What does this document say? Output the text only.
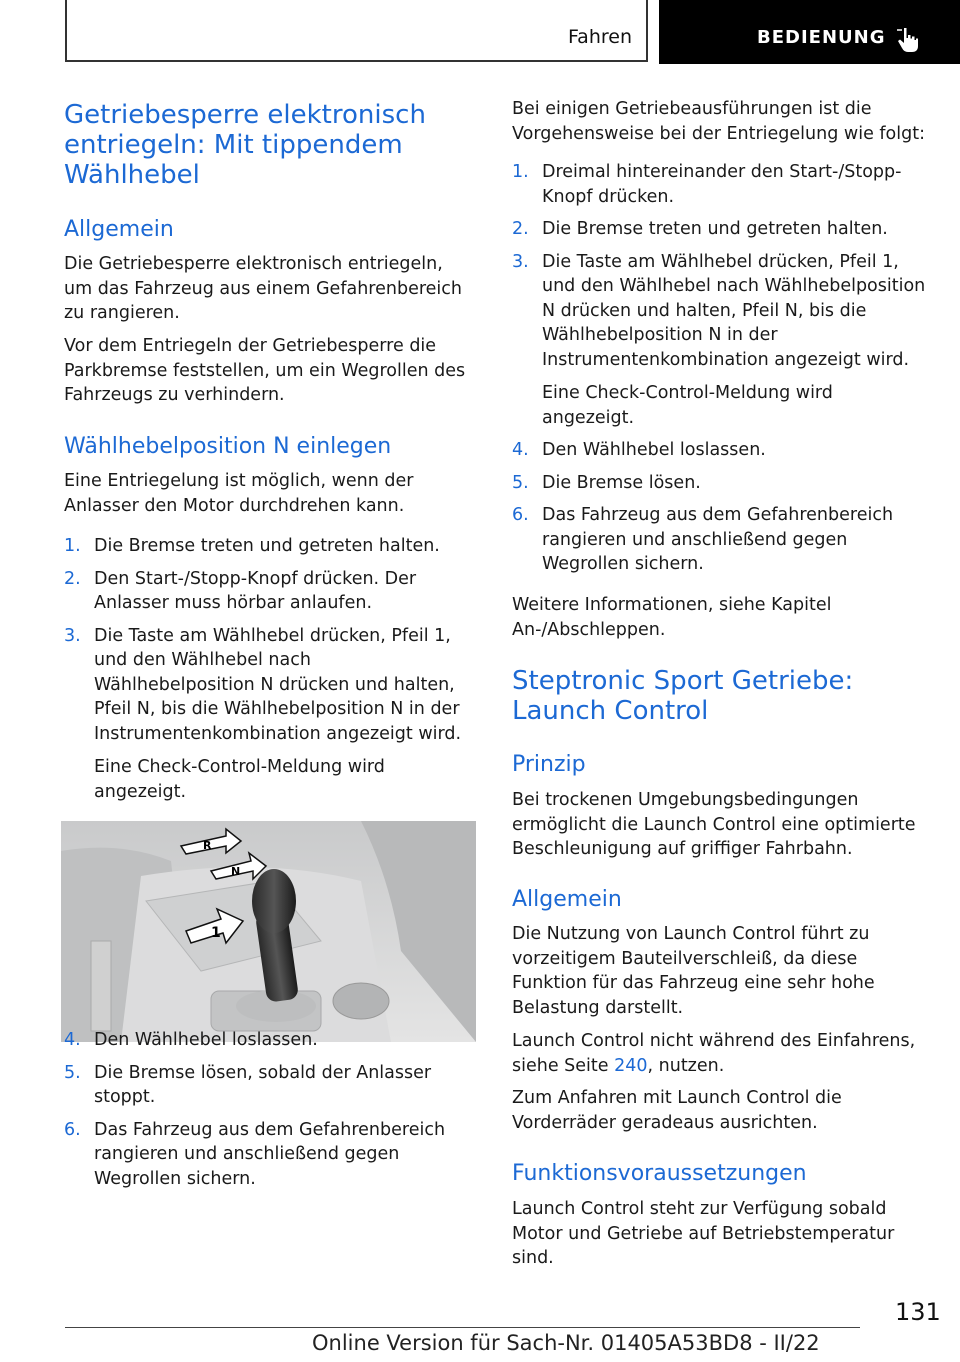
Fahren	BEDIENUNG
Getriebesperre elektronisch entriegeln: Mit tippendem Wählhebel
Allgemein

Die Getriebesperre elektronisch entriegeln, um das Fahrzeug aus einem Gefahrenbereich zu rangieren.

Vor dem Entriegeln der Getriebesperre die Parkbremse feststellen, um ein Wegrollen des Fahrzeugs zu verhindern.

Wählhebelposition N einlegen

Eine Entriegelung ist möglich, wenn der Anlasser den Motor durchdrehen kann.

1. Die Bremse treten und getreten halten.
2. Den Start-/Stopp-Knopf drücken. Der Anlasser muss hörbar anlaufen.
3. Die Taste am Wählhebel drücken, Pfeil 1, und den Wählhebel nach Wählhebelposition N drücken und halten, Pfeil N, bis die Wählhebelposition N in der Instrumentenkombination angezeigt wird.
Eine Check-Control-Meldung wird angezeigt.
R
N
1
4. Den Wählhebel loslassen.
5. Die Bremse lösen, sobald der Anlasser stoppt.
6. Das Fahrzeug aus dem Gefahrenbereich rangieren und anschließend gegen Wegrollen sichern.

Bei einigen Getriebeausführungen ist die Vorgehensweise bei der Entriegelung wie folgt:

1. Dreimal hintereinander den Start-/Stopp-Knopf drücken.
2. Die Bremse treten und getreten halten.
3. Die Taste am Wählhebel drücken, Pfeil 1, und den Wählhebel nach Wählhebelposition N drücken und halten, Pfeil N, bis die Wählhebelposition N in der Instrumentenkombination angezeigt wird.
Eine Check-Control-Meldung wird angezeigt.
4. Den Wählhebel loslassen.
5. Die Bremse lösen.
6. Das Fahrzeug aus dem Gefahrenbereich rangieren und anschließend gegen Wegrollen sichern.

Weitere Informationen, siehe Kapitel An-/Abschleppen.

Steptronic Sport Getriebe: Launch Control
Prinzip

Bei trockenen Umgebungsbedingungen ermöglicht die Launch Control eine optimierte Beschleunigung auf griffiger Fahrbahn.

Allgemein

Die Nutzung von Launch Control führt zu vorzeitigem Bauteilverschleiß, da diese Funktion für das Fahrzeug eine sehr hohe Belastung darstellt.

Launch Control nicht während des Einfahrens, siehe Seite 240, nutzen.

Zum Anfahren mit Launch Control die Vorderräder geradeaus ausrichten.

Funktionsvoraussetzungen

Launch Control steht zur Verfügung sobald Motor und Getriebe auf Betriebstemperatur sind.

131
Online Version für Sach-Nr. 01405A53BD8 - II/22
